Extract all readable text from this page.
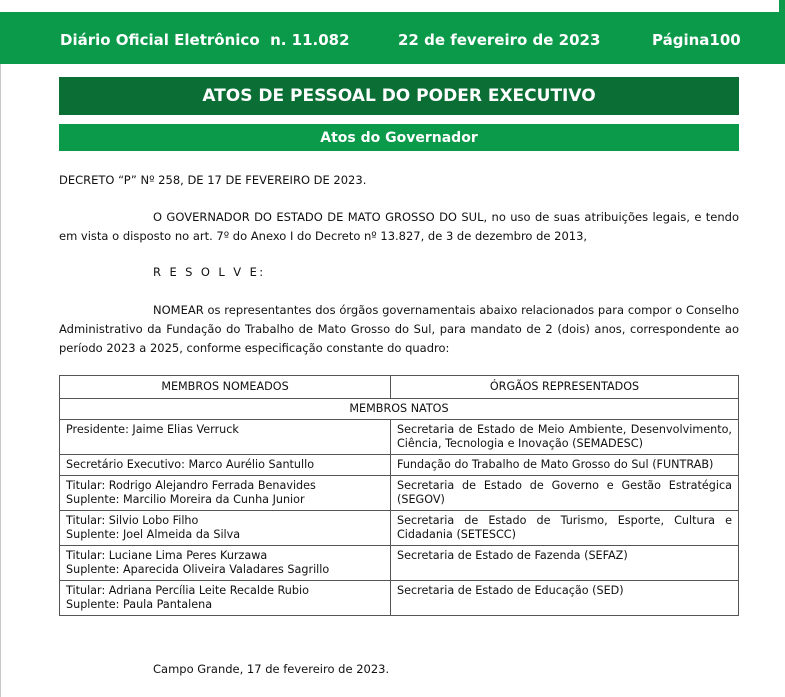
Diário Oficial Eletrônico  n. 11.082	22 de fevereiro de 2023	Página100
ATOS DE PESSOAL DO PODER EXECUTIVO
Atos do Governador
DECRETO “P” Nº 258, DE 17 DE FEVEREIRO DE 2023.
O GOVERNADOR DO ESTADO DE MATO GROSSO DO SUL, no uso de suas atribuições legais, e tendo em vista o disposto no art. 7º do Anexo I do Decreto nº 13.827, de 3 de dezembro de 2013,
R E S O L V E:
NOMEAR os representantes dos órgãos governamentais abaixo relacionados para compor o Conselho Administrativo da Fundação do Trabalho de Mato Grosso do Sul, para mandato de 2 (dois) anos, correspondente ao período 2023 a 2025, conforme especificação constante do quadro:
MEMBROS NOMEADOS	ÓRGÃOS REPRESENTADOS
MEMBROS NATOS	

Presidente: Jaime Elias Verruck	Secretaria de Estado de Meio Ambiente, Desenvolvimento, Ciência, Tecnologia e Inovação (SEMADESC)

Secretário Executivo: Marco Aurélio Santullo	Fundação do Trabalho de Mato Grosso do Sul (FUNTRAB)

Titular: Rodrigo Alejandro Ferrada Benavides
Suplente: Marcilio Moreira da Cunha Junior	Secretaria de Estado de Governo e Gestão Estratégica (SEGOV)

Titular: Silvio Lobo Filho
Suplente: Joel Almeida da Silva	Secretaria de Estado de Turismo, Esporte, Cultura e Cidadania (SETESCC)

Titular: Luciane Lima Peres Kurzawa
Suplente: Aparecida Oliveira Valadares Sagrillo	Secretaria de Estado de Fazenda (SEFAZ)

Titular: Adriana Percília Leite Recalde Rubio
Suplente: Paula Pantalena	Secretaria de Estado de Educação (SED)
Campo Grande, 17 de fevereiro de 2023.
